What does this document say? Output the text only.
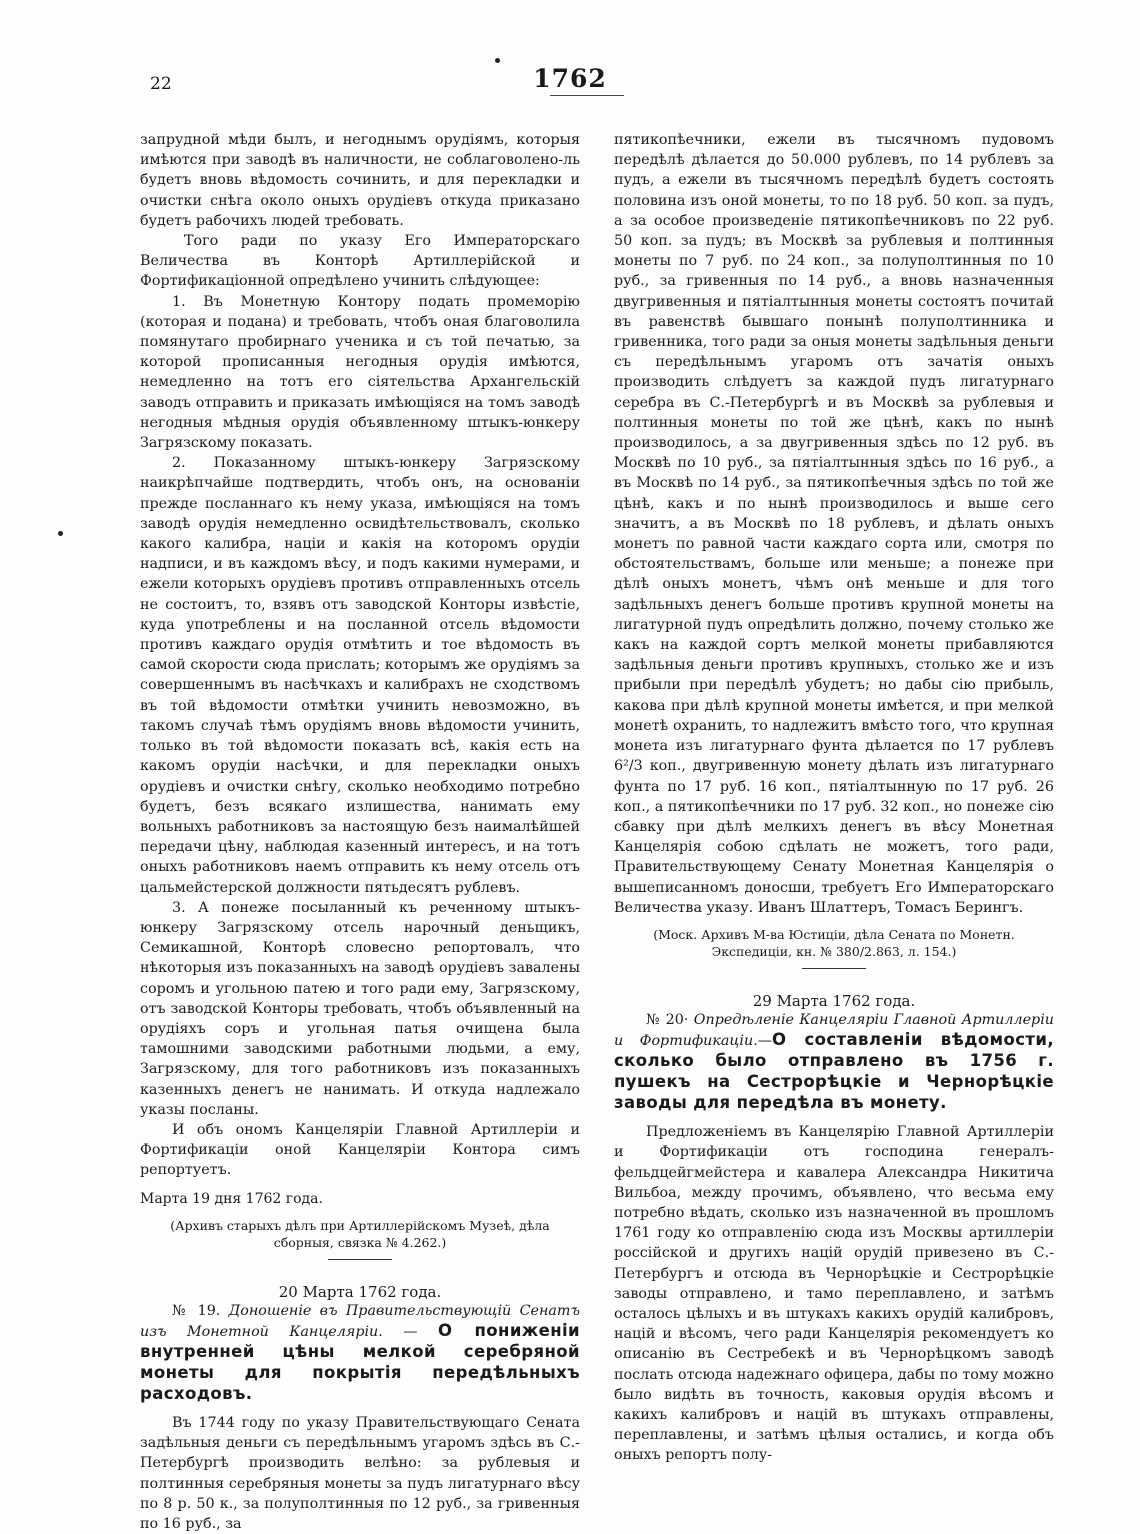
22	1762

запрудной мѣди былъ, и негоднымъ орудіямъ, которыя имѣются при заводѣ въ наличности, не соблаговолено-ль будетъ вновь вѣдомость сочинить, и для перекладки и очистки снѣга около оныхъ орудіевъ откуда приказано будетъ рабочихъ людей требовать.

Того ради по указу Его Императорскаго Величества въ Конторѣ Артиллерійской и Фортификаціонной опредѣлено учинить слѣдующее:

1. Въ Монетную Контору подать промеморію (которая и подана) и требовать, чтобъ оная благоволила помянутаго пробирнаго ученика и съ той печатью, за которой прописанныя негодныя орудія имѣются, немедленно на тотъ его сіятельства Архангельскій заводъ отправить и приказать имѣющіяся на томъ заводѣ негодныя мѣдныя орудія объявленному штыкъ-юнкеру Загрязскому показать.

2. Показанному штыкъ-юнкеру Загрязскому наикрѣпчайше подтвердить, чтобъ онъ, на основаніи прежде посланнаго къ нему указа, имѣющіяся на томъ заводѣ орудія немедленно освидѣтельствовалъ, сколько какого калибра, націи и какія на которомъ орудіи надписи, и въ каждомъ вѣсу, и подъ какими нумерами, и ежели которыхъ орудіевъ противъ отправленныхъ отсель не состоитъ, то, взявъ отъ заводской Конторы извѣстіе, куда употреблены и на посланной отсель вѣдомости противъ каждаго орудія отмѣтить и тое вѣдомость въ самой скорости сюда прислать; которымъ же орудіямъ за совершеннымъ въ насѣчкахъ и калибрахъ не сходствомъ въ той вѣдомости отмѣтки учинить невозможно, въ такомъ случаѣ тѣмъ орудіямъ вновь вѣдомости учинить, только въ той вѣдомости показать всѣ, какія есть на какомъ орудіи насѣчки, и для перекладки оныхъ орудіевъ и очистки снѣгу, сколько необходимо потребно будетъ, безъ всякаго излишества, нанимать ему вольныхъ работниковъ за настоящую безъ наималѣйшей передачи цѣну, наблюдая казенный интересъ, и на тотъ оныхъ работниковъ наемъ отправить къ нему отсель отъ цальмейстерской должности пятьдесятъ рублевъ.

3. А понеже посыланный къ реченному штыкъ-юнкеру Загрязскому отсель нарочный деньщикъ, Семикашной, Конторѣ словесно репортовалъ, что нѣкоторыя изъ показанныхъ на заводѣ орудіевъ завалены соромъ и угольною патею и того ради ему, Загрязскому, отъ заводской Конторы требовать, чтобъ объявленный на орудіяхъ соръ и угольная патья очищена была тамошними заводскими работными людьми, а ему, Загрязскому, для того работниковъ изъ показанныхъ казенныхъ денегъ не нанимать. И откуда надлежало указы посланы.

И объ ономъ Канцеляріи Главной Артиллеріи и Фортификаціи оной Канцеляріи Контора симъ репортуетъ.

Марта 19 дня 1762 года.

(Архивъ старыхъ дѣлъ при Артиллерійскомъ Музеѣ, дѣла сборныя, связка № 4.262.)

20 Марта 1762 года.

№ 19. Доношеніе въ Правительствующій Сенатъ изъ Монетной Канцеляріи. — О пониженіи внутренней цѣны мелкой серебряной монеты для покрытія передѣльныхъ расходовъ.

Въ 1744 году по указу Правительствующаго Сената задѣльныя деньги съ передѣльнымъ угаромъ здѣсь въ С.-Петербургѣ производить велѣно: за рублевыя и полтинныя серебряныя монеты за пудъ лигатурнаго вѣсу по 8 р. 50 к., за полуполтинныя по 12 руб., за гривенныя по 16 руб., за

пятикопѣечники, ежели въ тысячномъ пудовомъ передѣлѣ дѣлается до 50.000 рублевъ, по 14 рублевъ за пудъ, а ежели въ тысячномъ передѣлѣ будетъ состоять половина изъ оной монеты, то по 18 руб. 50 коп. за пудъ, а за особое произведеніе пятикопѣечниковъ по 22 руб. 50 коп. за пудъ; въ Москвѣ за рублевыя и полтинныя монеты по 7 руб. по 24 коп., за полуполтинныя по 10 руб., за гривенныя по 14 руб., а вновь назначенныя двугривенныя и пятіалтынныя монеты состоятъ почитай въ равенствѣ бывшаго понынѣ полуполтинника и гривенника, того ради за оныя монеты задѣльныя деньги съ передѣльнымъ угаромъ отъ зачатія оныхъ производить слѣдуетъ за каждой пудъ лигатурнаго серебра въ С.-Петербургѣ и въ Москвѣ за рублевыя и полтинныя монеты по той же цѣнѣ, какъ по нынѣ производилось, а за двугривенныя здѣсь по 12 руб. въ Москвѣ по 10 руб., за пятіалтынныя здѣсь по 16 руб., а въ Москвѣ по 14 руб., за пятикопѣечныя здѣсь по той же цѣнѣ, какъ и по нынѣ производилось и выше сего значитъ, а въ Москвѣ по 18 рублевъ, и дѣлать оныхъ монетъ по равной части каждаго сорта или, смотря по обстоятельствамъ, больше или меньше; а понеже при дѣлѣ оныхъ монетъ, чѣмъ онѣ меньше и для того задѣльныхъ денегъ больше противъ крупной монеты на лигатурной пудъ опредѣлить должно, почему столько же какъ на каждой сортъ мелкой монеты прибавляются задѣльныя деньги противъ крупныхъ, столько же и изъ прибыли при передѣлѣ убудетъ; но дабы сію прибыль, какова при дѣлѣ крупной монеты имѣется, и при мелкой монетѣ охранить, то надлежитъ вмѣсто того, что крупная монета изъ лигатурнаго фунта дѣлается по 17 рублевъ 6²/3 коп., двугривенную монету дѣлать изъ лигатурнаго фунта по 17 руб. 16 коп., пятіалтынную по 17 руб. 26 коп., а пятикопѣечники по 17 руб. 32 коп., но понеже сію сбавку при дѣлѣ мелкихъ денегъ въ вѣсу Монетная Канцелярія собою сдѣлать не можетъ, того ради, Правительствующему Сенату Монетная Канцелярія о вышеписанномъ доносши, требуетъ Его Императорскаго Величества указу. Иванъ Шлаттеръ, Томасъ Берингъ.

(Моск. Архивъ М-ва Юстиціи, дѣла Сената по Монетн. Экспедиціи, кн. № 380/2.863, л. 154.)

29 Марта 1762 года.

№ 20· Опредѣленіе Канцеляріи Главной Артиллеріи и Фортификаціи.—О составленіи вѣдомости, сколько было отправлено въ 1756 г. пушекъ на Сестрорѣцкіе и Чернорѣцкіе заводы для передѣла въ монету.

Предложеніемъ въ Канцелярію Главной Артиллеріи и Фортификаціи отъ господина генералъ-фельдцейгмейстера и кавалера Александра Никитича Вильбоа, между прочимъ, объявлено, что весьма ему потребно вѣдать, сколько изъ назначенной въ прошломъ 1761 году ко отправленію сюда изъ Москвы артиллеріи россійской и другихъ націй орудій привезено въ С.-Петербургъ и отсюда въ Чернорѣцкіе и Сестрорѣцкіе заводы отправлено, и тамо переплавлено, и затѣмъ осталось цѣлыхъ и въ штукахъ какихъ орудій калибровъ, націй и вѣсомъ, чего ради Канцелярія рекомендуетъ ко описанію въ Сестребекѣ и въ Чернорѣцкомъ заводѣ послать отсюда надежнаго офицера, дабы по тому можно было видѣть въ точность, каковыя орудія вѣсомъ и какихъ калибровъ и націй въ штукахъ отправлены, переплавлены, и затѣмъ цѣлыя остались, и когда объ оныхъ репортъ полу-
